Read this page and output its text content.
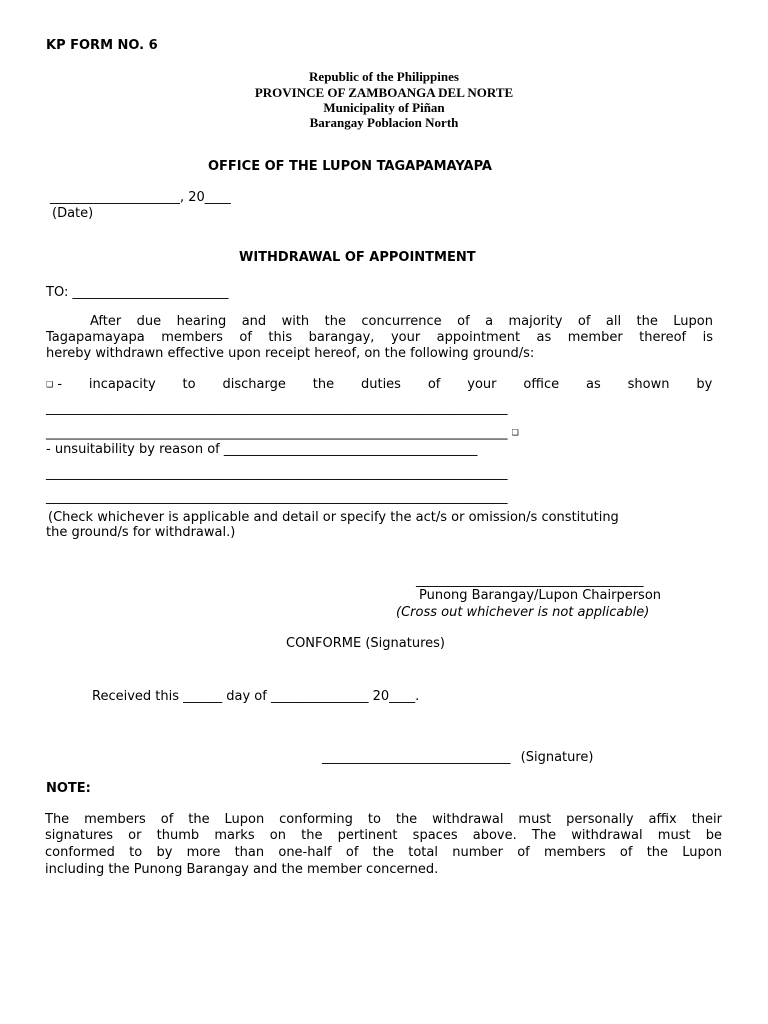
KP FORM NO. 6
Republic of the Philippines
PROVINCE OF ZAMBOANGA DEL NORTE
Municipality of Piñan
Barangay Poblacion North
OFFICE OF THE LUPON TAGAPAMAYAPA
____________________, 20____
(Date)
WITHDRAWAL OF APPOINTMENT
TO: ________________________
After due hearing and with the concurrence of a majority of all the Lupon
Tagapamayapa members of this barangay, your appointment as member thereof is
hereby withdrawn effective upon receipt hereof, on the following ground/s:
❑ - incapacity to discharge the duties of your office as shown by
_______________________________________________________________________
_______________________________________________________________________ ❑
- unsuitability by reason of _______________________________________
_______________________________________________________________________
_______________________________________________________________________
(Check whichever is applicable and detail or specify the act/s or omission/s constituting
the ground/s for withdrawal.)
___________________________________
Punong Barangay/Lupon Chairperson
(Cross out whichever is not applicable)
CONFORME (Signatures)
Received this ______ day of _______________ 20____.
_____________________________ (Signature)
NOTE:
The members of the Lupon conforming to the withdrawal must personally affix their
signatures or thumb marks on the pertinent spaces above. The withdrawal must be
conformed to by more than one-half of the total number of members of the Lupon
including the Punong Barangay and the member concerned.
